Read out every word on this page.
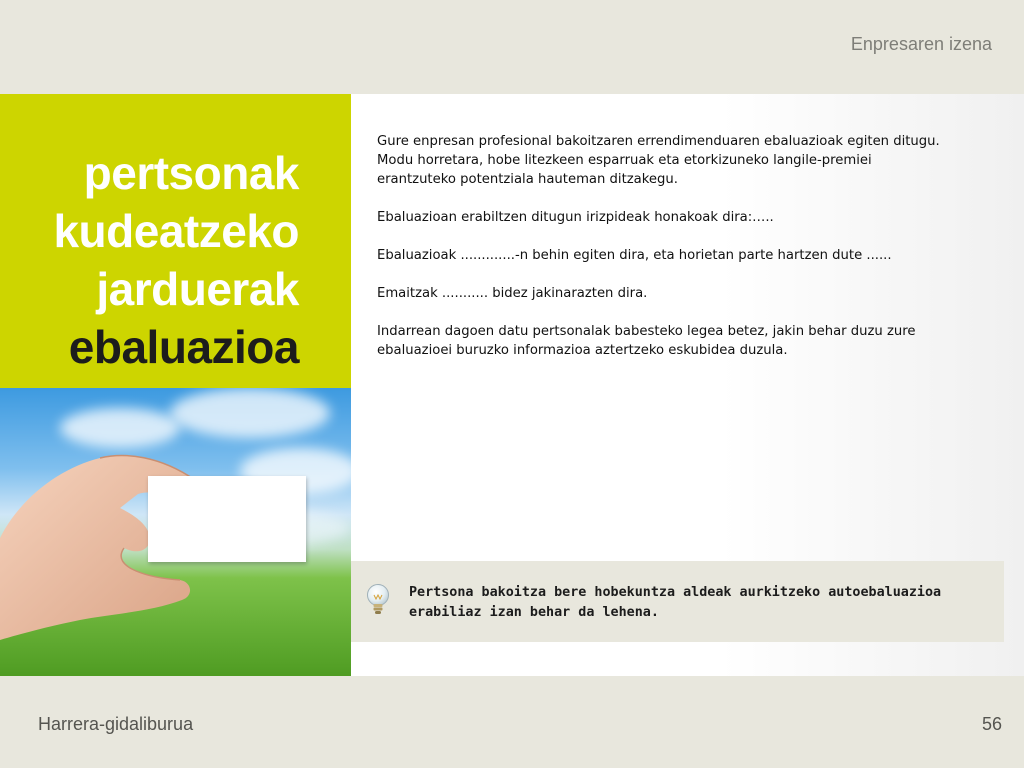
Enpresaren izena
pertsonak
kudeatzeko
jarduerak
ebaluazioa

Gure enpresan profesional bakoitzaren errendimenduaren ebaluazioak egiten ditugu. Modu horretara, hobe litezkeen esparruak eta etorkizuneko langile-premiei erantzuteko potentziala hauteman ditzakegu.

Ebaluazioan erabiltzen ditugun irizpideak honakoak dira:…..

Ebaluazioak .............-n behin egiten dira, eta horietan parte hartzen dute ......

Emaitzak ........... bidez jakinarazten dira.

Indarrean dagoen datu pertsonalak babesteko legea betez, jakin behar duzu zure ebaluazioei buruzko informazioa aztertzeko eskubidea duzula.

Pertsona bakoitza bere hobekuntza aldeak aurkitzeko autoebaluazioa erabiliaz izan behar da lehena.
Harrera-gidaliburua	56
